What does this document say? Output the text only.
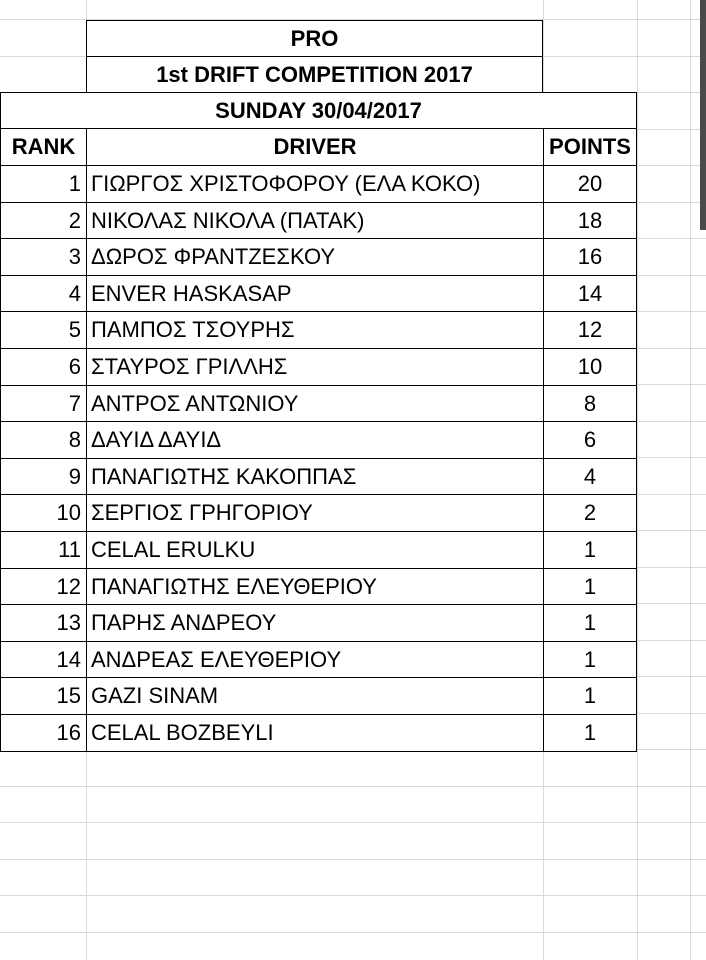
PRO
1st DRIFT COMPETITION 2017
SUNDAY 30/04/2017
RANK	DRIVER	POINTS
1 ΓΙΩΡΓΟΣ ΧΡΙΣΤΟΦΟΡΟΥ (ΕΛΑ ΚΟΚΟ)	20
2 ΝΙΚΟΛΑΣ ΝΙΚΟΛΑ (ΠΑΤΑΚ)	18
3 ΔΩΡΟΣ ΦΡΑΝΤΖΕΣΚΟΥ	16
4 ENVER HASKASAP	14
5 ΠΑΜΠΟΣ ΤΣΟΥΡΗΣ	12
6 ΣΤΑΥΡΟΣ ΓΡΙΛΛΗΣ	10
7 ΑΝΤΡΟΣ ΑΝΤΩΝΙΟΥ	8
8 ΔΑΥΙΔ ΔΑΥΙΔ	6
9 ΠΑΝΑΓΙΩΤΗΣ ΚΑΚΟΠΠΑΣ	4
10 ΣΕΡΓΙΟΣ ΓΡΗΓΟΡΙΟΥ	2
11 CELAL ERULKU	1
12 ΠΑΝΑΓΙΩΤΗΣ ΕΛΕΥΘΕΡΙΟΥ	1
13 ΠΑΡΗΣ ΑΝΔΡΕΟΥ	1
14 ΑΝΔΡΕΑΣ ΕΛΕΥΘΕΡΙΟΥ	1
15 GAZI SINAM	1
16 CELAL BOZBEYLI	1
